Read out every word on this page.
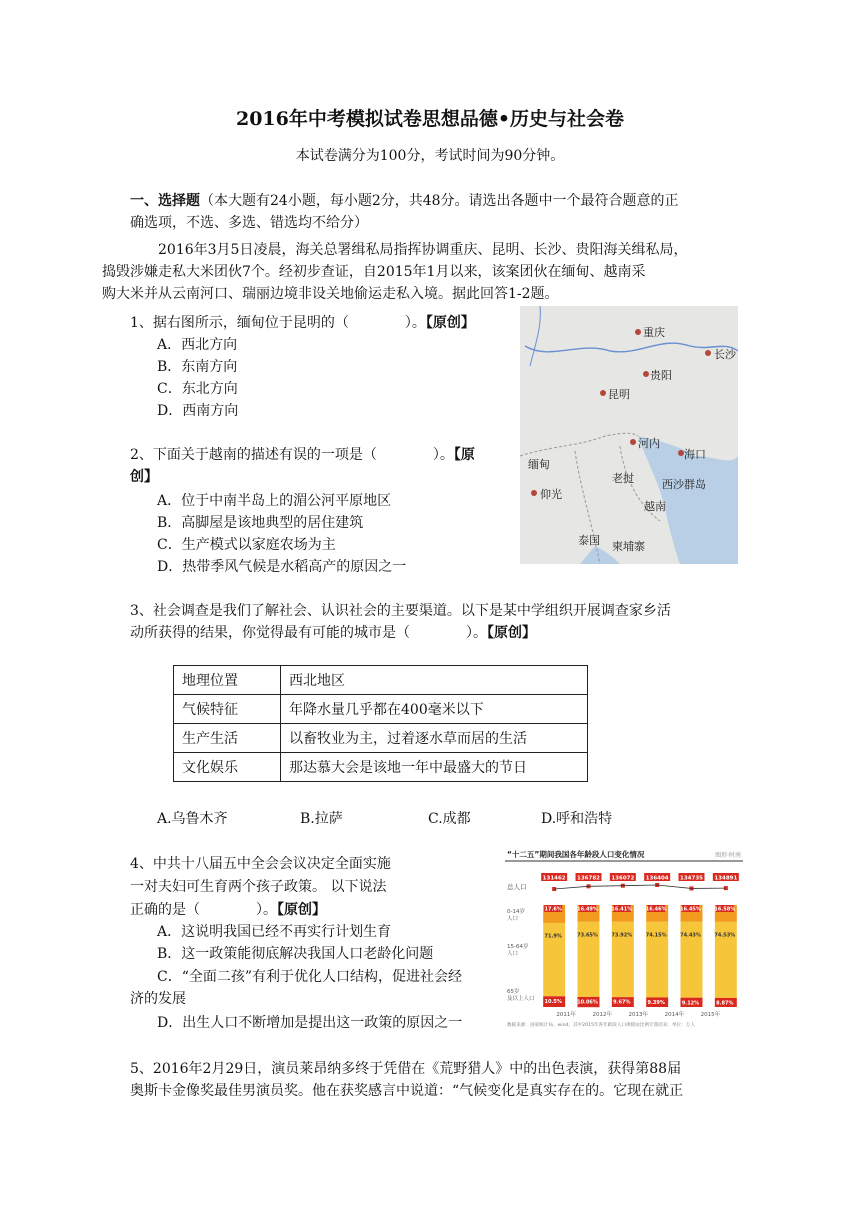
2016年中考模拟试卷思想品德•历史与社会卷
本试卷满分为100分，考试时间为90分钟。
一、选择题（本大题有24小题，每小题2分，共48分。请选出各题中一个最符合题意的正
确选项，不选、多选、错选均不给分）
2016年3月5日凌晨，海关总署缉私局指挥协调重庆、昆明、长沙、贵阳海关缉私局，
捣毁涉嫌走私大米团伙7个。经初步查证，自2015年1月以来，该案团伙在缅甸、越南采
购大米并从云南河口、瑞丽边境非设关地偷运走私入境。据此回答1-2题。
1、据右图所示，缅甸位于昆明的（　　　　）。【原创】
A．西北方向
B．东南方向
C．东北方向
D．西南方向
2、下面关于越南的描述有误的一项是（　　　　）。【原
创】
A．位于中南半岛上的湄公河平原地区
B．高脚屋是该地典型的居住建筑
C．生产模式以家庭农场为主
D．热带季风气候是水稻高产的原因之一
重庆
长沙
贵阳
昆明
河内
海口
缅甸
老挝	西沙群岛
仰光
越南
泰国 柬埔寨
3、社会调查是我们了解社会、认识社会的主要渠道。以下是某中学组织开展调查家乡活
动所获得的结果，你觉得最有可能的城市是（　　　　）。【原创】
地理位置	西北地区
气候特征	年降水量几乎都在400毫米以下
生产生活	以畜牧业为主，过着逐水草而居的生活
文化娱乐	那达慕大会是该地一年中最盛大的节日
A.乌鲁木齐	B.拉萨	C.成都	D.呼和浩特
4、中共十八届五中全会会议决定全面实施
一对夫妇可生育两个孩子政策。 以下说法
正确的是（　　　　）。【原创】
A．这说明我国已经不再实行计划生育
B．这一政策能彻底解决我国人口老龄化问题
C．“全面二孩”有利于优化人口结构，促进社会经
济的发展
D．出生人口不断增加是提出这一政策的原因之一
“十二五”期间我国各年龄段人口变化情况	图形·时南
总人口
131462 136782 136072 136404 134735 134891
0-14岁
人口
15-64岁
人口
65岁
及以上人口
17.6%
71.9%
10.5%
16.49%
73.65%
10.06%
16.41%
73.92%
9.67%
16.46%
74.15%
9.39%
16.45%
74.43%
9.12%
16.58%
74.53%
8.87%
2011年	2012年	2013年	2014年	2015年
数据来源：国家统计局、wind。其中2015年各年龄段人口规模由比例计算而来；单位：万人
5、2016年2月29日，演员莱昂纳多终于凭借在《荒野猎人》中的出色表演，获得第88届
奥斯卡金像奖最佳男演员奖。他在获奖感言中说道：“气候变化是真实存在的。它现在就正
